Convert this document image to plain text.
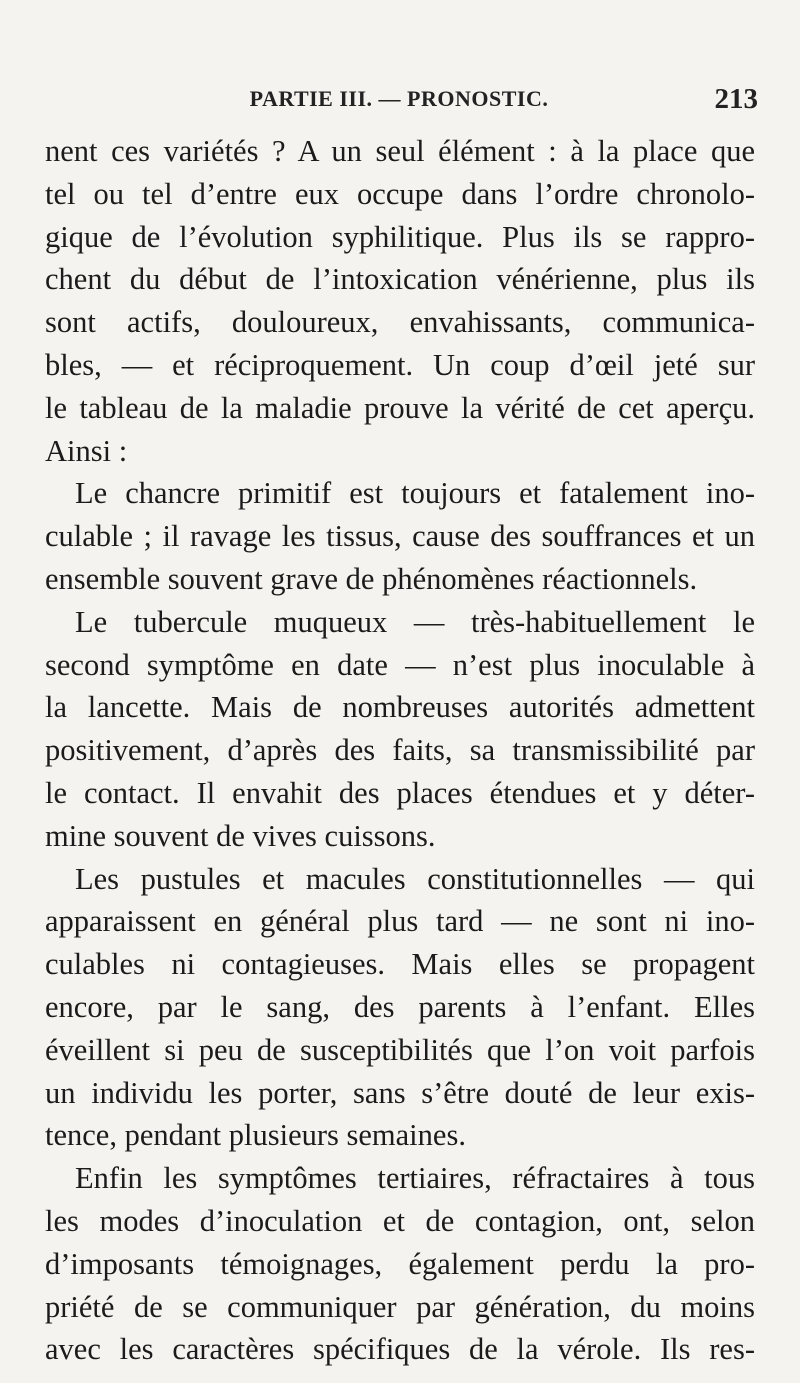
PARTIE III. — PRONOSTIC.	213
nent ces variétés ? A un seul élément : à la place que
tel ou tel d’entre eux occupe dans l’ordre chronolo-
gique de l’évolution syphilitique. Plus ils se rappro-
chent du début de l’intoxication vénérienne, plus ils
sont actifs, douloureux, envahissants, communica-
bles, — et réciproquement. Un coup d’œil jeté sur
le tableau de la maladie prouve la vérité de cet aperçu.
Ainsi :
Le chancre primitif est toujours et fatalement ino-
culable ; il ravage les tissus, cause des souffrances et un
ensemble souvent grave de phénomènes réactionnels.
Le tubercule muqueux — très-habituellement le
second symptôme en date — n’est plus inoculable à
la lancette. Mais de nombreuses autorités admettent
positivement, d’après des faits, sa transmissibilité par
le contact. Il envahit des places étendues et y déter-
mine souvent de vives cuissons.
Les pustules et macules constitutionnelles — qui
apparaissent en général plus tard — ne sont ni ino-
culables ni contagieuses. Mais elles se propagent
encore, par le sang, des parents à l’enfant. Elles
éveillent si peu de susceptibilités que l’on voit parfois
un individu les porter, sans s’être douté de leur exis-
tence, pendant plusieurs semaines.
Enfin les symptômes tertiaires, réfractaires à tous
les modes d’inoculation et de contagion, ont, selon
d’imposants témoignages, également perdu la pro-
priété de se communiquer par génération, du moins
avec les caractères spécifiques de la vérole. Ils res-
